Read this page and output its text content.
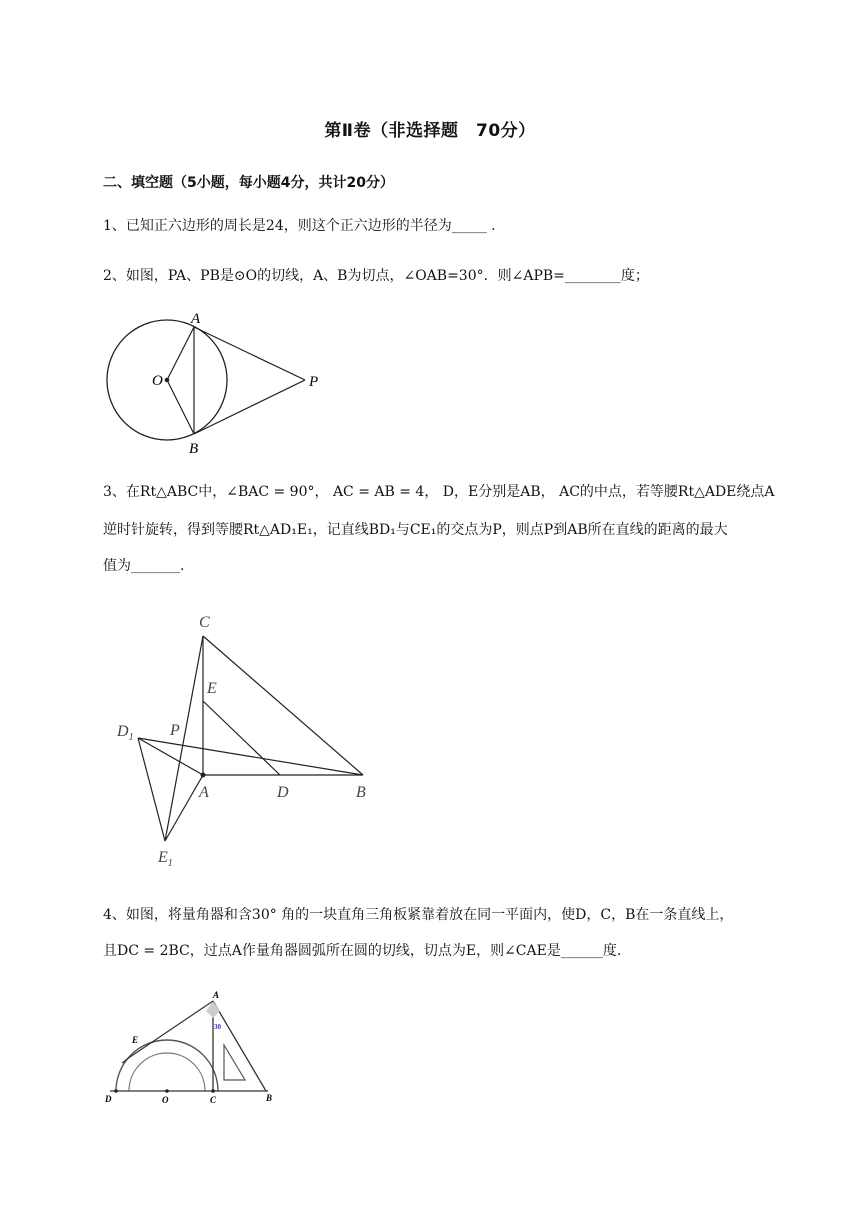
第Ⅱ卷（非选择题　70分）
二、填空题（5小题，每小题4分，共计20分）
1、已知正六边形的周长是24，则这个正六边形的半径为_____ .
2、如图，PA、PB是⊙O的切线，A、B为切点，∠OAB=30°．则∠APB=________度；
A
B
O	P
3、在Rt△ABC中，∠BAC = 90°， AC = AB = 4， D，E分别是AB， AC的中点，若等腰Rt△ADE绕点A
逆时针旋转，得到等腰Rt△AD₁E₁，记直线BD₁与CE₁的交点为P，则点P到AB所在直线的距离的最大
值为_______.
C
E
$D_1$ P
A	D	B
$E_1$
4、如图，将量角器和含30° 角的一块直角三角板紧靠着放在同一平面内，使D，C，B在一条直线上，
且DC = 2BC，过点A作量角器圆弧所在圆的切线，切点为E，则∠CAE是______度.
A
E
D	O	C	B
30
